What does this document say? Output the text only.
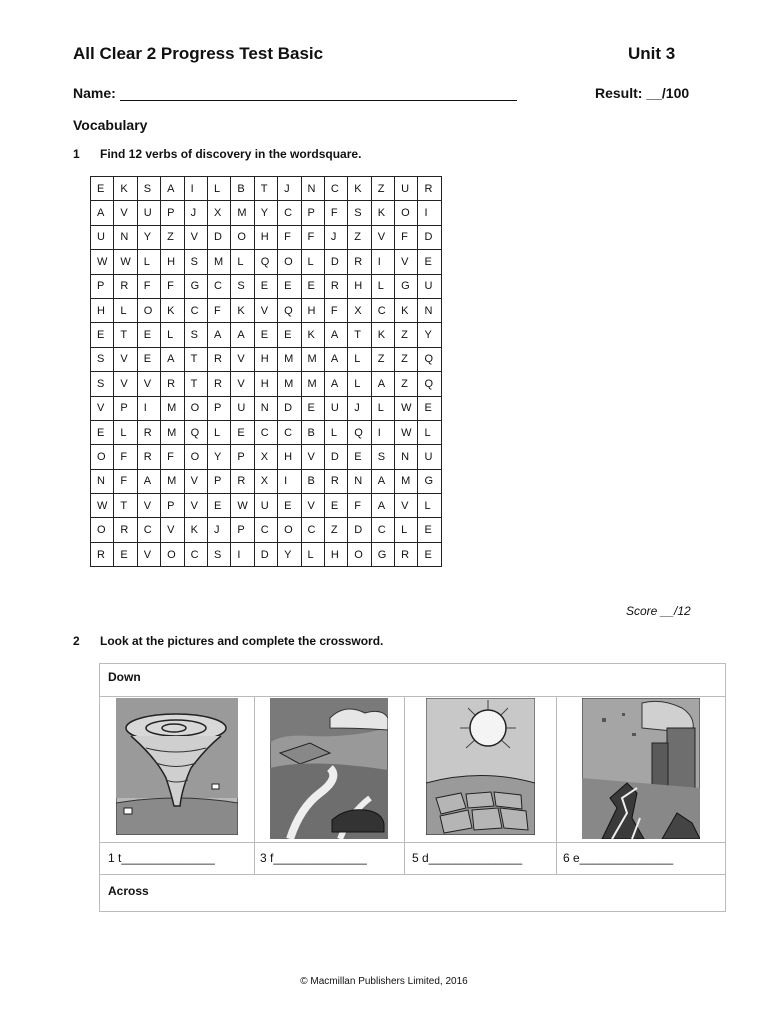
All Clear 2 Progress Test Basic	Unit 3
Name:	Result: __/100
Vocabulary
1 Find 12 verbs of discovery in the wordsquare.
E	K	S	A	I	L	B	T	J	N	C	K	Z	U	R
A	V	U	P	J	X	M	Y	C	P	F	S	K	O	I
U	N	Y	Z	V	D	O	H	F	F	J	Z	V	F	D
W	W	L	H	S	M	L	Q	O	L	D	R	I	V	E
P	R	F	F	G	C	S	E	E	E	R	H	L	G	U
H	L	O	K	C	F	K	V	Q	H	F	X	C	K	N
E	T	E	L	S	A	A	E	E	K	A	T	K	Z	Y
S	V	E	A	T	R	V	H	M	M	A	L	Z	Z	Q
S	V	V	R	T	R	V	H	M	M	A	L	A	Z	Q
V	P	I	M	O	P	U	N	D	E	U	J	L	W	E
E	L	R	M	Q	L	E	C	C	B	L	Q	I	W	L
O	F	R	F	O	Y	P	X	H	V	D	E	S	N	U
N	F	A	M	V	P	R	X	I	B	R	N	A	M	G
W	T	V	P	V	E	W	U	E	V	E	F	A	V	L
O	R	C	V	K	J	P	C	O	C	Z	D	C	L	E
R	E	V	O	C	S	I	D	Y	L	H	O	G	R	E
Score __/12
2 Look at the pictures and complete the crossword.
Down
1 t______________	3 f______________	5 d______________	6 e______________
Across
© Macmillan Publishers Limited, 2016
